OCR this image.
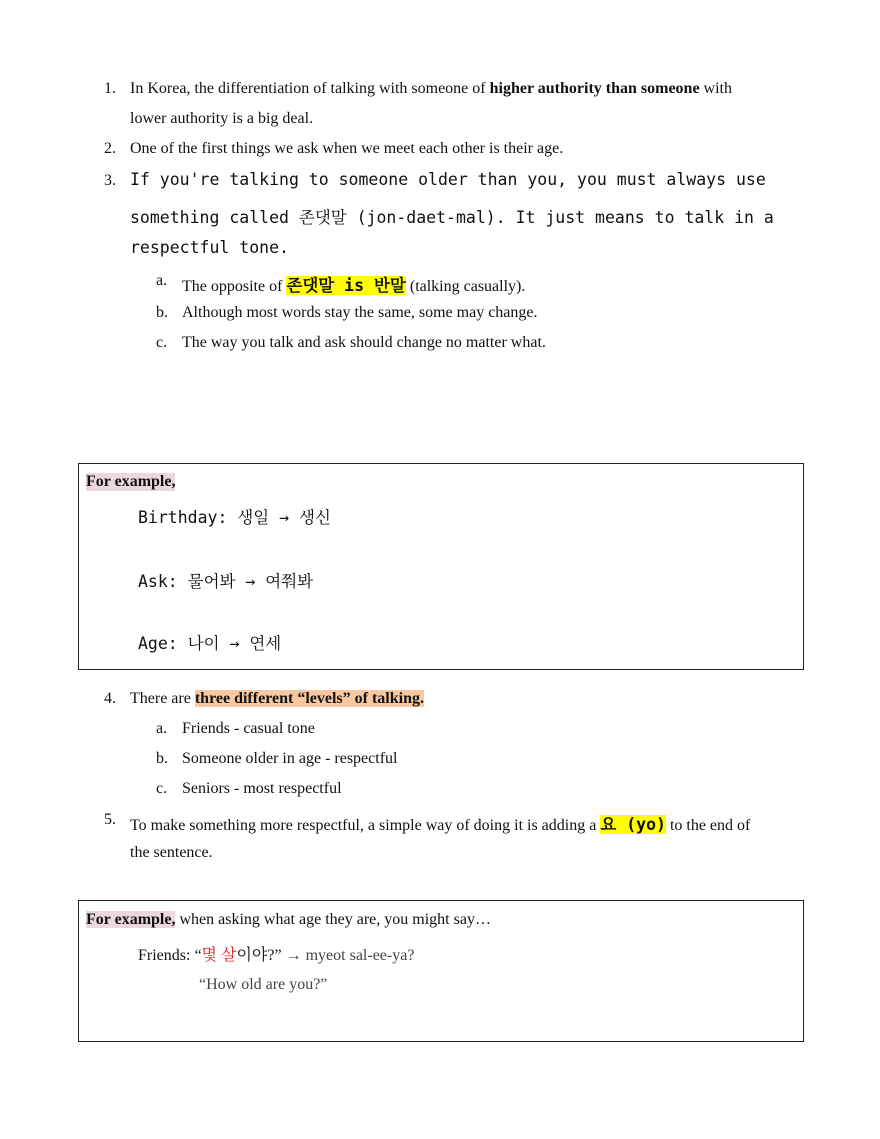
1. In Korea, the differentiation of talking with someone of higher authority than someone with
lower authority is a big deal.
2. One of the first things we ask when we meet each other is their age.
3. If you're talking to someone older than you, you must always use
something called 존댓말 (jon-daet-mal). It just means to talk in a
respectful tone.
a. The opposite of 존댓말 is 반말 (talking casually).
b. Although most words stay the same, some may change.
c. The way you talk and ask should change no matter what.
For example,
Birthday: 생일 → 생신
Ask: 물어봐 → 여쭤봐
Age: 나이 → 연세
4. There are three different “levels” of talking.
a. Friends - casual tone
b. Someone older in age - respectful
c. Seniors - most respectful
5. To make something more respectful, a simple way of doing it is adding a 요 (yo) to the end of
the sentence.
For example, when asking what age they are, you might say…
Friends: “몇 살이야?” → myeot sal-ee-ya?
“How old are you?”
